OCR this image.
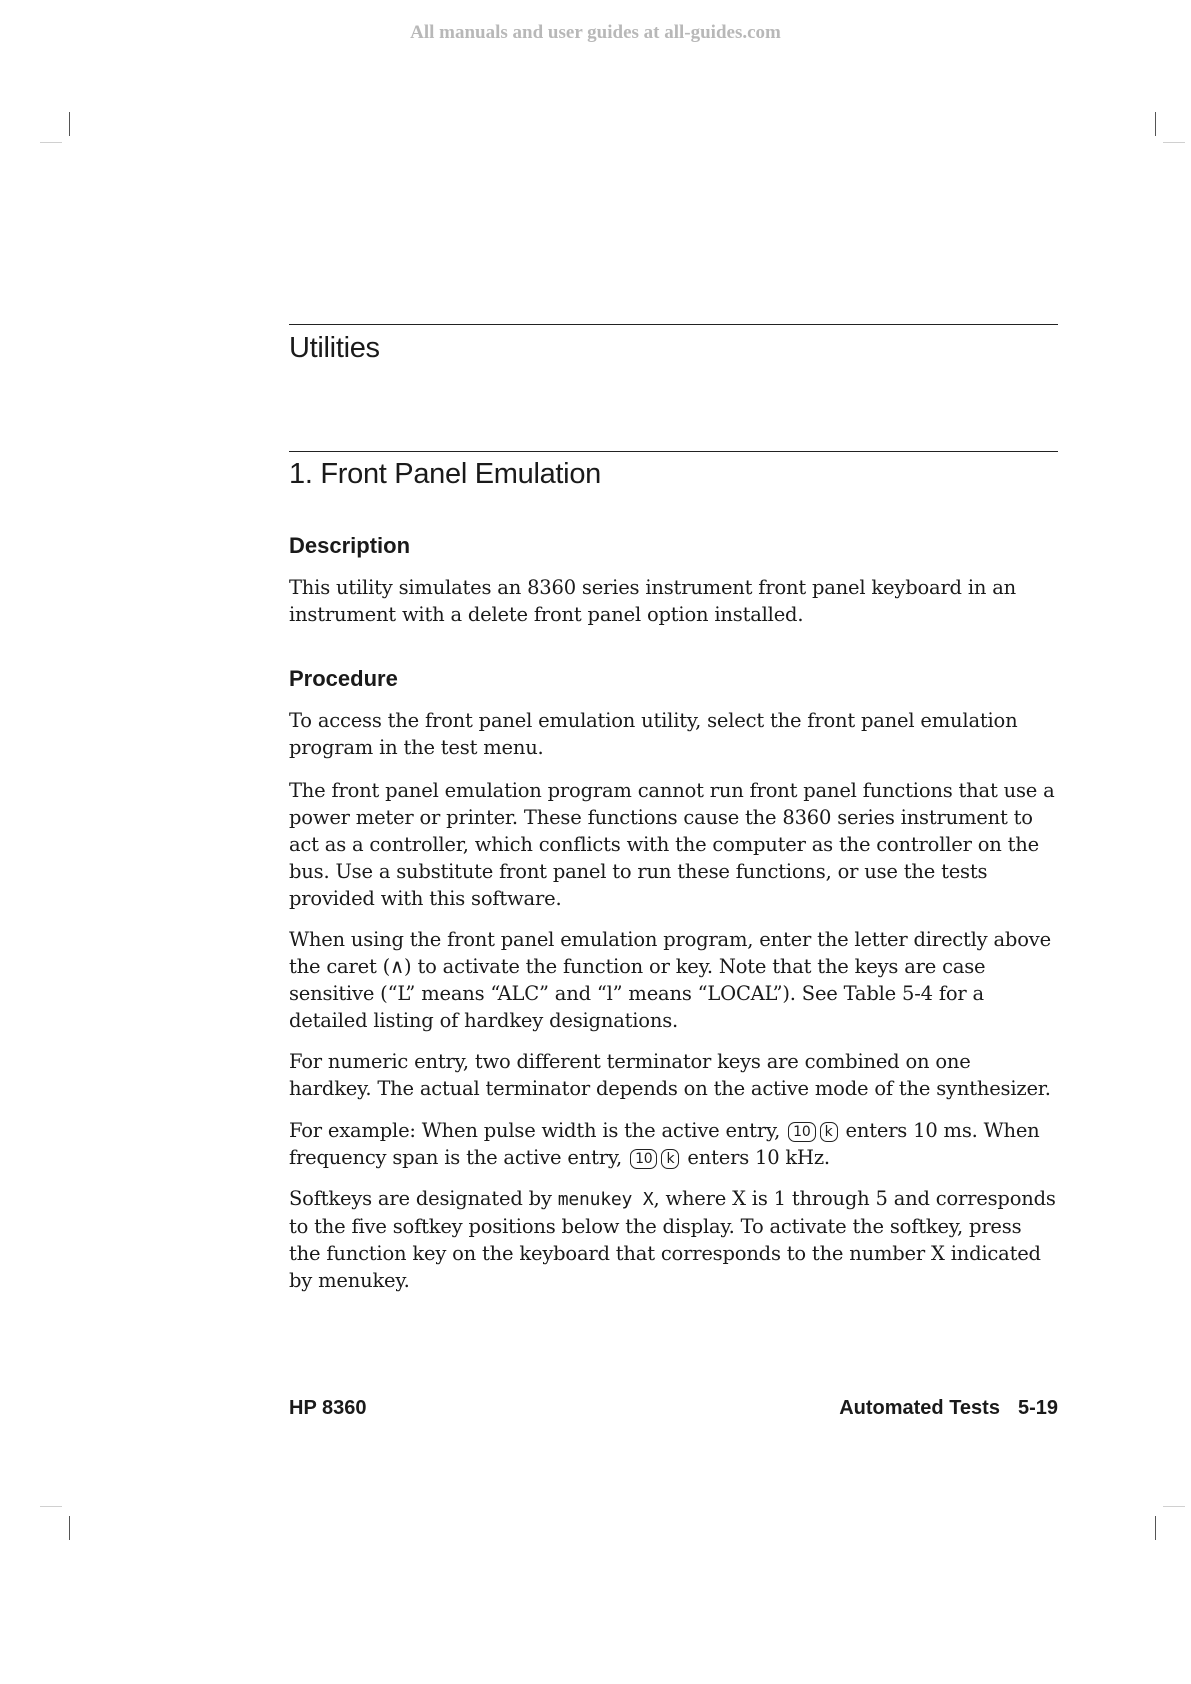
All manuals and user guides at all-guides.com
Utilities
1. Front Panel Emulation
Description

This utility simulates an 8360 series instrument front panel keyboard in an instrument with a delete front panel option installed.

Procedure

To access the front panel emulation utility, select the front panel emulation program in the test menu.

The front panel emulation program cannot run front panel functions that use a power meter or printer. These functions cause the 8360 series instrument to act as a controller, which conflicts with the computer as the controller on the bus. Use a substitute front panel to run these functions, or use the tests provided with this software.

When using the front panel emulation program, enter the letter directly above the caret (∧) to activate the function or key. Note that the keys are case sensitive (“L” means “ALC” and “l” means “LOCAL”). See Table 5-4 for a detailed listing of hardkey designations.

For numeric entry, two different terminator keys are combined on one hardkey. The actual terminator depends on the active mode of the synthesizer.

For example: When pulse width is the active entry, 10 k enters 10 ms. When frequency span is the active entry, 10 k enters 10 kHz.

Softkeys are designated by menukey X, where X is 1 through 5 and corresponds to the five softkey positions below the display. To activate the softkey, press the function key on the keyboard that corresponds to the number X indicated by menukey.

HP 8360	Automated Tests 5-19
